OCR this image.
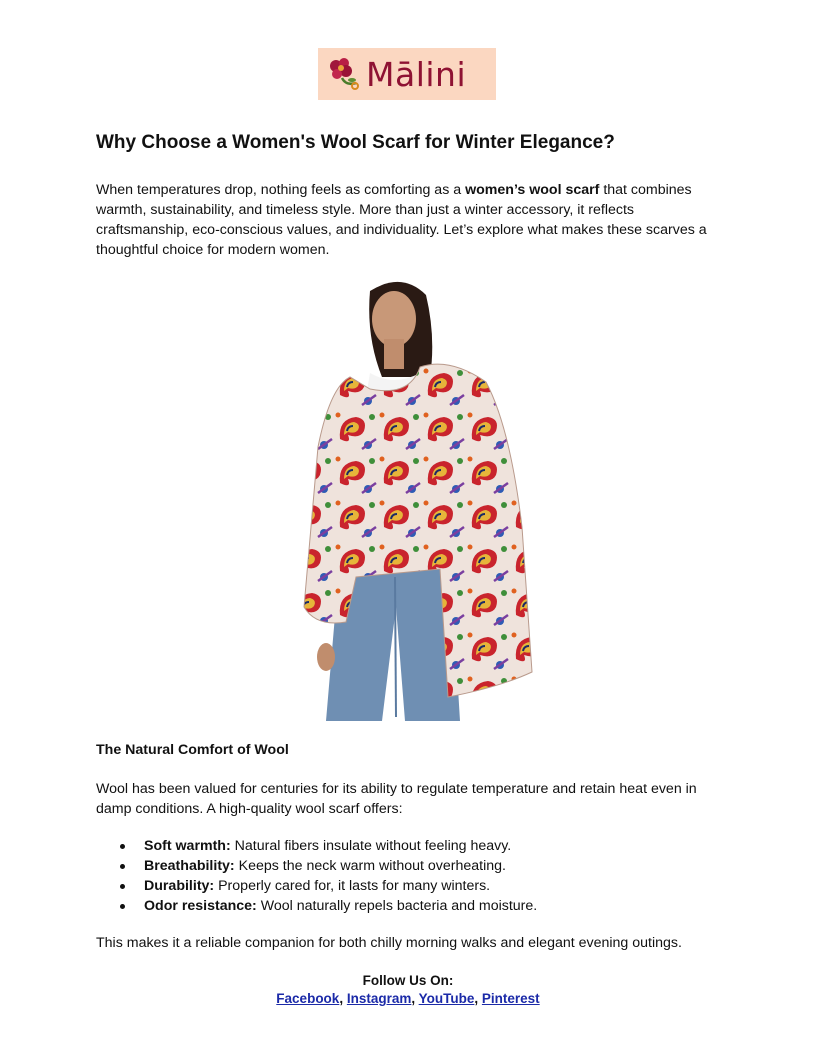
Mālini
Why Choose a Women's Wool Scarf for Winter Elegance?

When temperatures drop, nothing feels as comforting as a women’s wool scarf that combines warmth, sustainability, and timeless style. More than just a winter accessory, it reflects craftsmanship, eco-conscious values, and individuality. Let’s explore what makes these scarves a thoughtful choice for modern women.

The Natural Comfort of Wool

Wool has been valued for centuries for its ability to regulate temperature and retain heat even in damp conditions. A high-quality wool scarf offers:

Soft warmth: Natural fibers insulate without feeling heavy.
Breathability: Keeps the neck warm without overheating.
Durability: Properly cared for, it lasts for many winters.
Odor resistance: Wool naturally repels bacteria and moisture.

This makes it a reliable companion for both chilly morning walks and elegant evening outings.

Follow Us On:

Facebook, Instagram, YouTube, Pinterest
